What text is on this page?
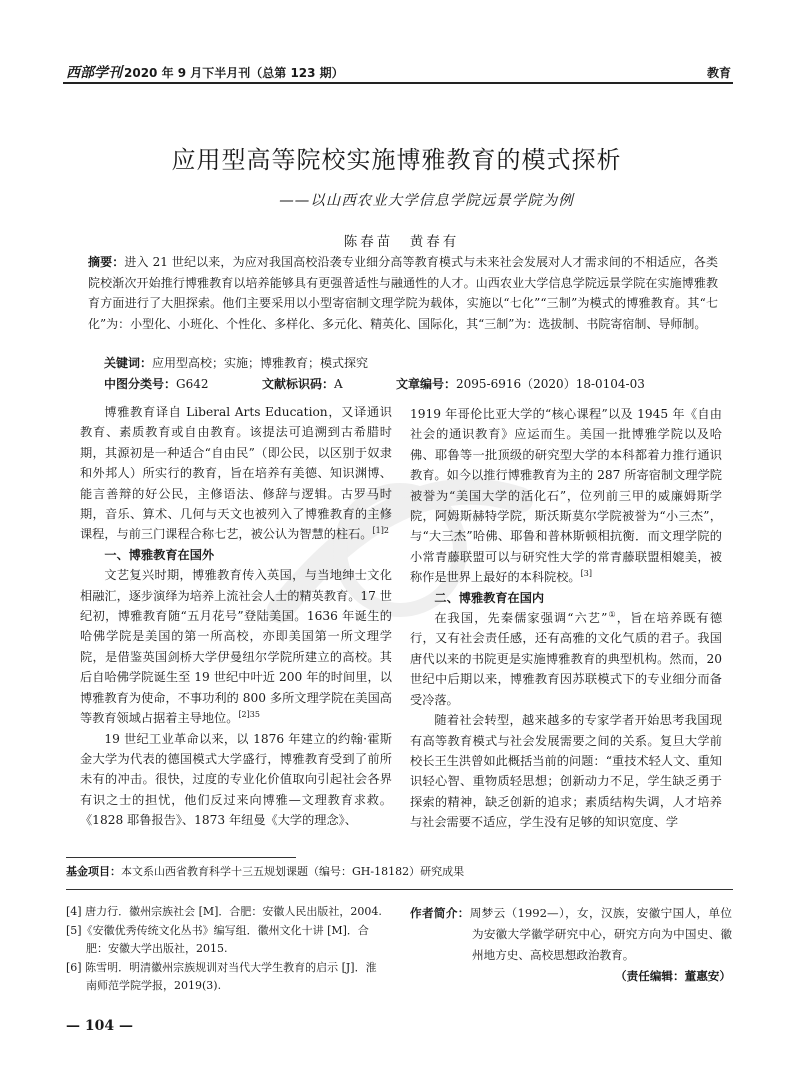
西部学刊 2020 年 9 月下半月刊（总第 123 期）	教育
应用型高等院校实施博雅教育的模式探析
——以山西农业大学信息学院远景学院为例
陈春苗　黄春有
摘要：进入 21 世纪以来，为应对我国高校沿袭专业细分高等教育模式与未来社会发展对人才需求间的不相适应，各类院校渐次开始推行博雅教育以培养能够具有更强普适性与融通性的人才。山西农业大学信息学院远景学院在实施博雅教育方面进行了大胆探索。他们主要采用以小型寄宿制文理学院为载体，实施以“七化”“三制”为模式的博雅教育。其“七化”为：小型化、小班化、个性化、多样化、多元化、精英化、国际化，其“三制”为：选拔制、书院寄宿制、导师制。
关键词：应用型高校；实施；博雅教育；模式探究
中图分类号：G642	文献标识码：A	文章编号：2095-6916（2020）18-0104-03

博雅教育译自 Liberal Arts Education，又译通识教育、素质教育或自由教育。该提法可追溯到古希腊时期，其源初是一种适合“自由民”（即公民，以区别于奴隶和外邦人）所实行的教育，旨在培养有美德、知识渊博、能言善辩的好公民，主修语法、修辞与逻辑。古罗马时期，音乐、算术、几何与天文也被列入了博雅教育的主修课程，与前三门课程合称七艺，被公认为智慧的柱石。$^{[1]2}$

一、博雅教育在国外

文艺复兴时期，博雅教育传入英国，与当地绅士文化相融汇，逐步演绎为培养上流社会人士的精英教育。17 世纪初，博雅教育随“五月花号”登陆美国。1636 年诞生的哈佛学院是美国的第一所高校，亦即美国第一所文理学院，是借鉴英国剑桥大学伊曼纽尔学院所建立的高校。其后自哈佛学院诞生至 19 世纪中叶近 200 年的时间里，以博雅教育为使命，不事功利的 800 多所文理学院在美国高等教育领域占据着主导地位。$^{[2]35}$

19 世纪工业革命以来，以 1876 年建立的约翰·霍斯金大学为代表的德国模式大学盛行，博雅教育受到了前所未有的冲击。很快，过度的专业化价值取向引起社会各界有识之士的担忧，他们反过来向博雅—文理教育求救。《1828 耶鲁报告》、1873 年纽曼《大学的理念》、

1919 年哥伦比亚大学的“核心课程”以及 1945 年《自由社会的通识教育》应运而生。美国一批博雅学院以及哈佛、耶鲁等一批顶级的研究型大学的本科都着力推行通识教育。如今以推行博雅教育为主的 287 所寄宿制文理学院被誉为“美国大学的活化石”，位列前三甲的威廉姆斯学院，阿姆斯赫特学院，斯沃斯莫尔学院被誉为“小三杰”，与“大三杰”哈佛、耶鲁和普林斯顿相抗衡．而文理学院的小常青藤联盟可以与研究性大学的常青藤联盟相媲美，被称作是世界上最好的本科院校。[3]

二、博雅教育在国内

在我国，先秦儒家强调“六艺”①，旨在培养既有德行，又有社会责任感，还有高雅的文化气质的君子。我国唐代以来的书院更是实施博雅教育的典型机构。然而，20 世纪中后期以来，博雅教育因苏联模式下的专业细分而备受冷落。

随着社会转型，越来越多的专家学者开始思考我国现有高等教育模式与社会发展需要之间的关系。复旦大学前校长王生洪曾如此概括当前的问题：“重技术轻人文、重知识轻心智、重物质轻思想；创新动力不足，学生缺乏勇于探索的精神，缺乏创新的追求；素质结构失调，人才培养与社会需要不适应，学生没有足够的知识宽度、学

基金项目：本文系山西省教育科学十三五规划课题（编号：GH-18182）研究成果
[4] 唐力行．徽州宗族社会 [M]．合肥：安徽人民出版社，2004.
[5]《安徽优秀传统文化丛书》编写组．徽州文化十讲 [M]．合肥：安徽大学出版社，2015.
[6] 陈雪明．明清徽州宗族规训对当代大学生教育的启示 [J]．淮南师范学院学报，2019(3).
作者简介：周梦云（1992—），女，汉族，安徽宁国人，单位为安徽大学徽学研究中心，研究方向为中国史、徽州地方史、高校思想政治教育。
（责任编辑：董惠安）
— 104 —
